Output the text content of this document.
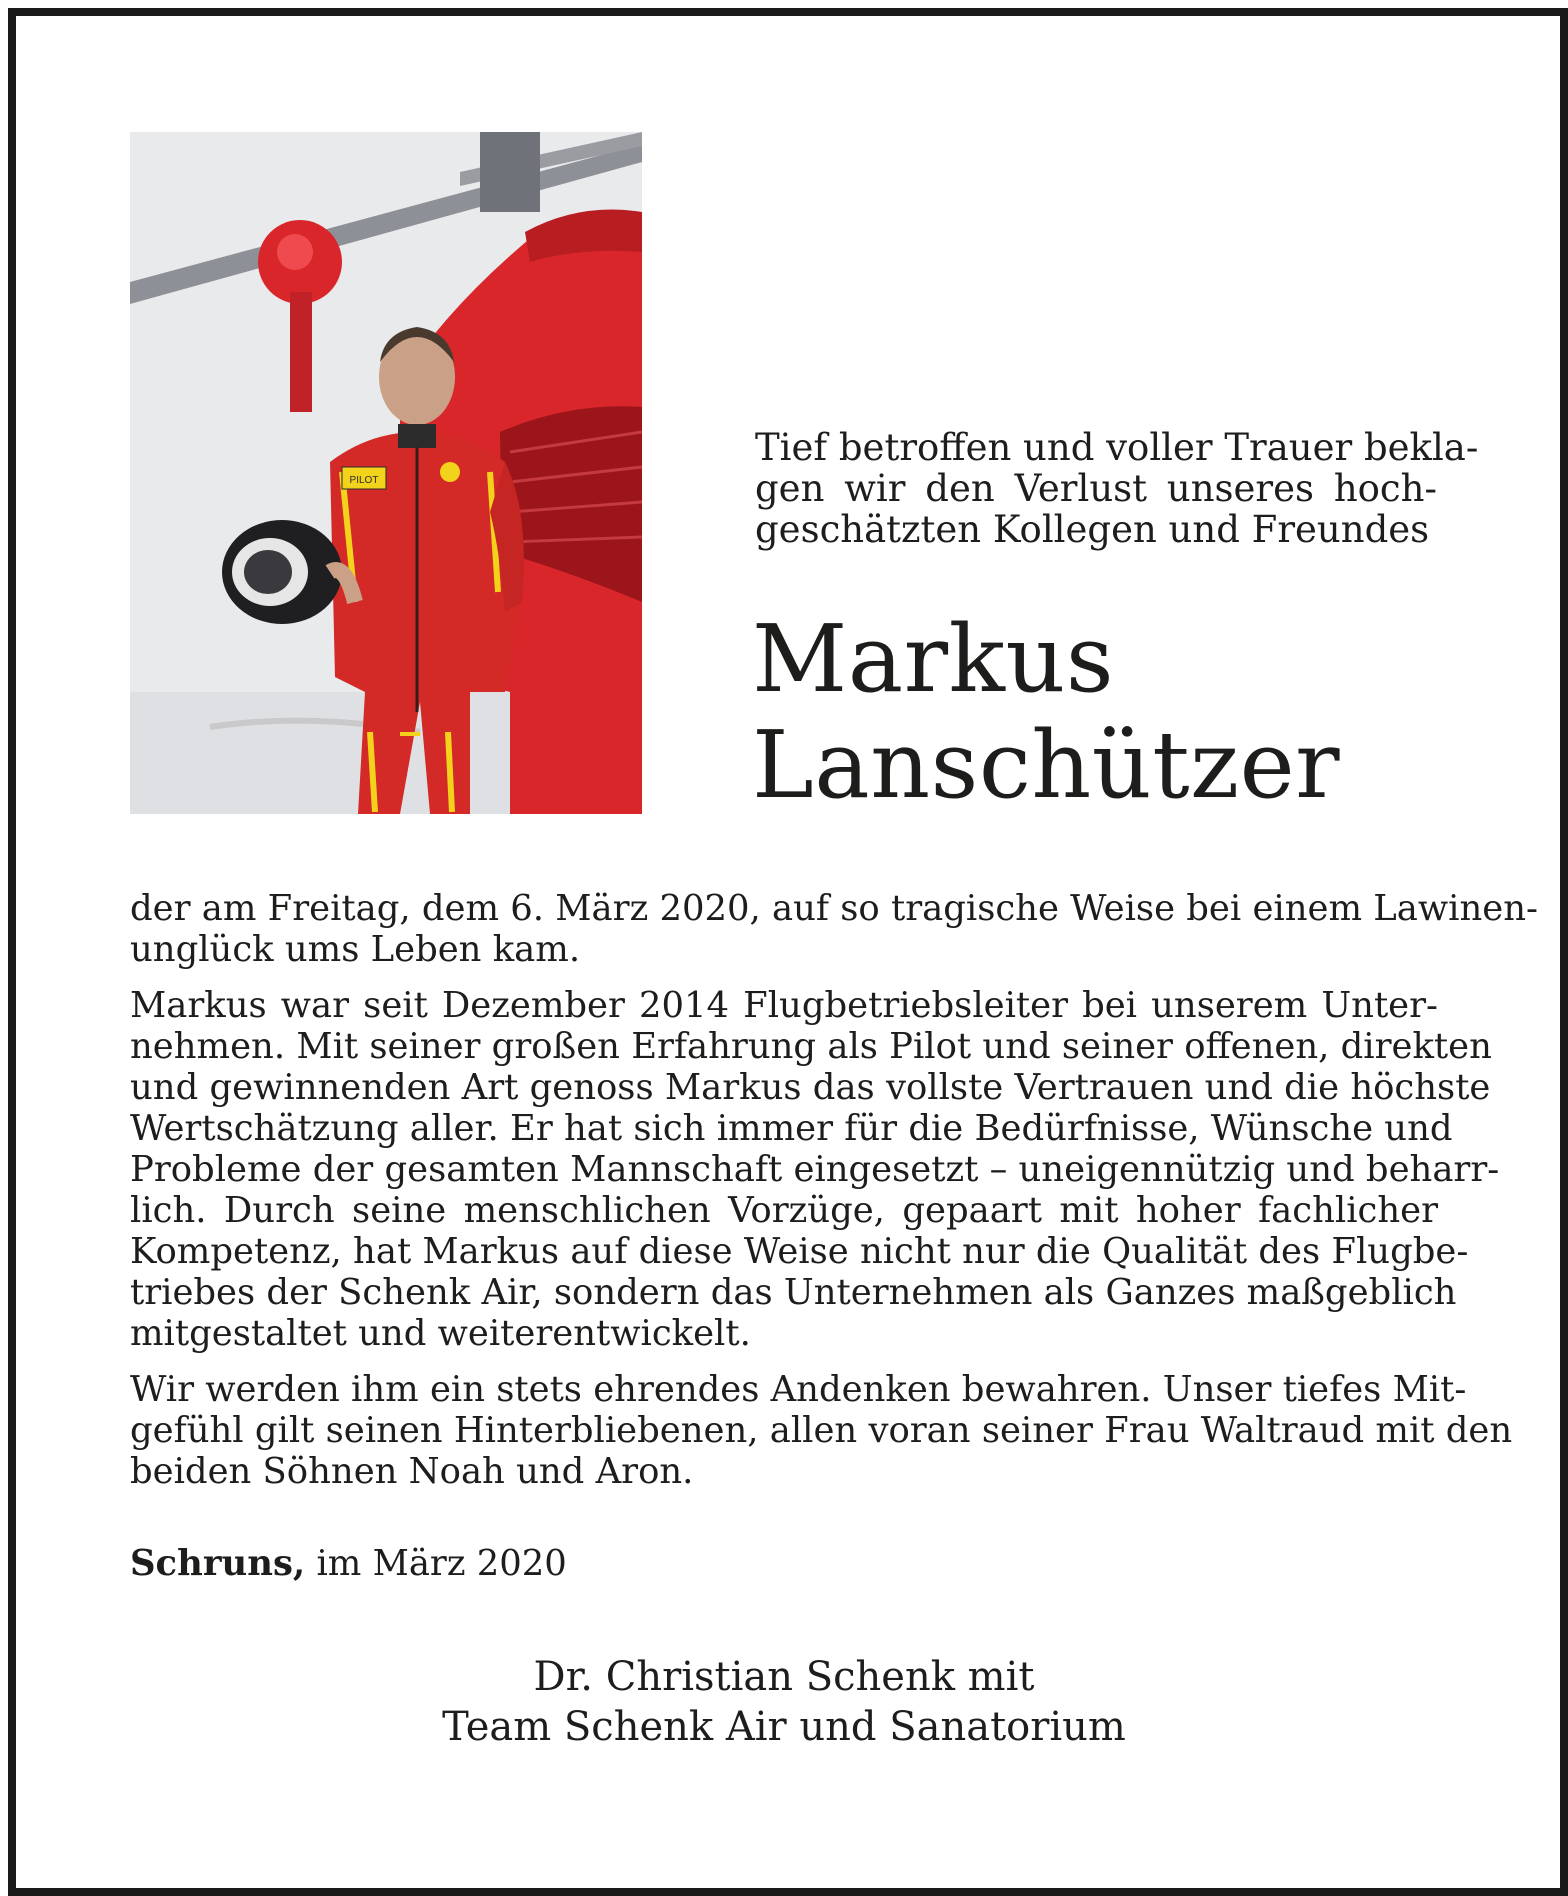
PILOT

Tief betroffen und voller Trauer bekla-
gen wir den Verlust unseres hoch-
geschätzten Kollegen und Freundes

Markus
Lanschützer

der am Freitag, dem 6. März 2020, auf so tragische Weise bei einem Lawinen-
unglück ums Leben kam.

Markus war seit Dezember 2014 Flugbetriebsleiter bei unserem Unter-
nehmen. Mit seiner großen Erfahrung als Pilot und seiner offenen, direkten
und gewinnenden Art genoss Markus das vollste Vertrauen und die höchste
Wertschätzung aller. Er hat sich immer für die Bedürfnisse, Wünsche und
Probleme der gesamten Mannschaft eingesetzt – uneigennützig und beharr-
lich. Durch seine menschlichen Vorzüge, gepaart mit hoher fachlicher
Kompetenz, hat Markus auf diese Weise nicht nur die Qualität des Flugbe-
triebes der Schenk Air, sondern das Unternehmen als Ganzes maßgeblich
mitgestaltet und weiterentwickelt.

Wir werden ihm ein stets ehrendes Andenken bewahren. Unser tiefes Mit-
gefühl gilt seinen Hinterbliebenen, allen voran seiner Frau Waltraud mit den
beiden Söhnen Noah und Aron.

Schruns, im März 2020
Dr. Christian Schenk mit
Team Schenk Air und Sanatorium
